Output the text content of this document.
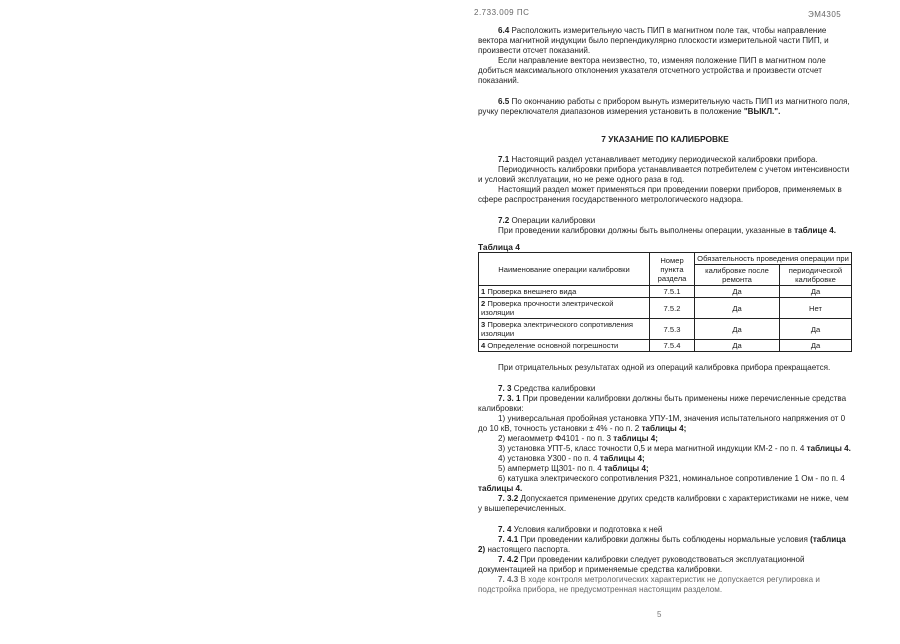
2.733.009 ПС	ЭМ4305

6.4 Расположить измерительную часть ПИП в магнитном поле так, чтобы направление вектора магнитной индукции было перпендикулярно плоскости измерительной части ПИП, и произвести отсчет показаний.

Если направление вектора неизвестно, то, изменяя положение ПИП в магнитном поле добиться максимального отклонения указателя отсчетного устройства и произвести отсчет показаний.

6.5 По окончанию работы с прибором вынуть измерительную часть ПИП из магнитного поля, ручку переключателя диапазонов измерения установить в положение "ВЫКЛ.".

7 УКАЗАНИЕ ПО КАЛИБРОВКЕ

7.1 Настоящий раздел устанавливает методику периодической калибровки прибора.

Периодичность калибровки прибора устанавливается потребителем с учетом интенсивности и условий эксплуатации, но не реже одного раза в год.

Настоящий раздел может применяться при проведении поверки приборов, применяемых в сфере распространения государственного метрологического надзора.

7.2 Операции калибровки

При проведении калибровки должны быть выполнены операции, указанные в таблице 4.

Таблица 4

Наименование операции калибровки	Номер пункта раздела	Обязательность проведения операции при	
		калибровке после ремонта	периодической калибровке
1 Проверка внешнего вида	7.5.1	Да	Да
2 Проверка прочности электрической изоляции	7.5.2	Да	Нет
3 Проверка электрического сопротивления изоляции	7.5.3	Да	Да
4 Определение основной погрешности	7.5.4	Да	Да

При отрицательных результатах одной из операций калибровка прибора прекращается.

7. 3 Средства калибровки

7. 3. 1 При проведении калибровки должны быть применены ниже перечисленные средства калибровки:

1) универсальная пробойная установка УПУ-1М, значения испытательного напряжения от 0 до 10 кВ, точность установки ± 4% - по п. 2 таблицы 4;

2) мегаомметр Ф4101 - по п. 3 таблицы 4;

3) установка УПТ-5, класс точности 0,5 и мера магнитной индукции КМ-2 - по п. 4 таблицы 4.

4) установка У300 - по п. 4 таблицы 4;

5) амперметр Щ301- по п. 4 таблицы 4;

6) катушка электрического сопротивления Р321, номинальное сопротивление 1 Ом - по п. 4 таблицы 4.

7. 3.2 Допускается применение других средств калибровки с характеристиками не ниже, чем у вышеперечисленных.

7. 4 Условия калибровки и подготовка к ней

7. 4.1 При проведении калибровки должны быть соблюдены нормальные условия (таблица 2) настоящего паспорта.

7. 4.2 При проведении калибровки следует руководствоваться эксплуатационной документацией на прибор и применяемые средства калибровки.

7. 4.3 В ходе контроля метрологических характеристик не допускается регулировка и подстройка прибора, не предусмотренная настоящим разделом.

5
